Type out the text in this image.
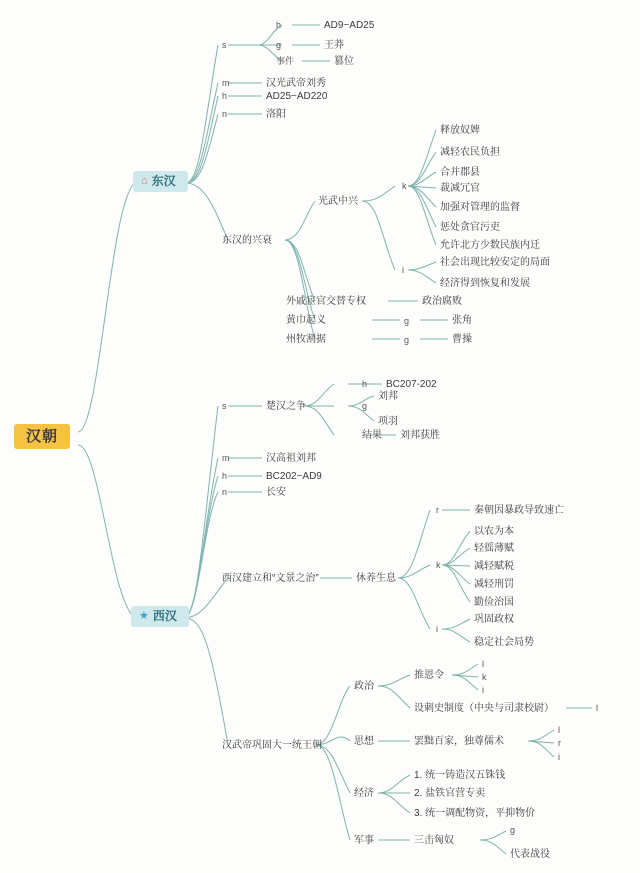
汉朝
⌂ 东汉
s
m
h
n
h
g
事件
AD9~AD25
王莽
篡位
汉光武帝刘秀
AD25~AD220
洛阳
东汉的兴衰
光武中兴
k
i
释放奴婢
减轻农民负担
合并郡县
裁减冗官
加强对管理的监督
惩处贪官污吏
允许北方少数民族内迁
社会出现比较安定的局面
经济得到恢复和发展
外戚宦官交替专权	政治腐败
黄巾起义	g	张角
州牧割据	g	曹操
★ 西汉
s	楚汉之争
h
g
BC207-202
刘邦
项羽
结果 刘邦获胜
m
h
n
汉高祖刘邦
BC202~AD9
长安
西汉建立和“文景之治”	休养生息
r
k
i
秦朝因暴政导致速亡
以农为本
轻徭薄赋
减轻赋税
减轻刑罚
勤俭治国
巩固政权
稳定社会局势
汉武帝巩固大一统王朝
政治
推恩令
l
k
i
设刺史制度（中央与司隶校尉）	l
思想	罢黜百家，独尊儒术
l
r
i
经济
1. 统一铸造汉五铢钱
2. 盐铁官营专卖
3. 统一调配物资，平抑物价
军事	三击匈奴
g
代表战役
